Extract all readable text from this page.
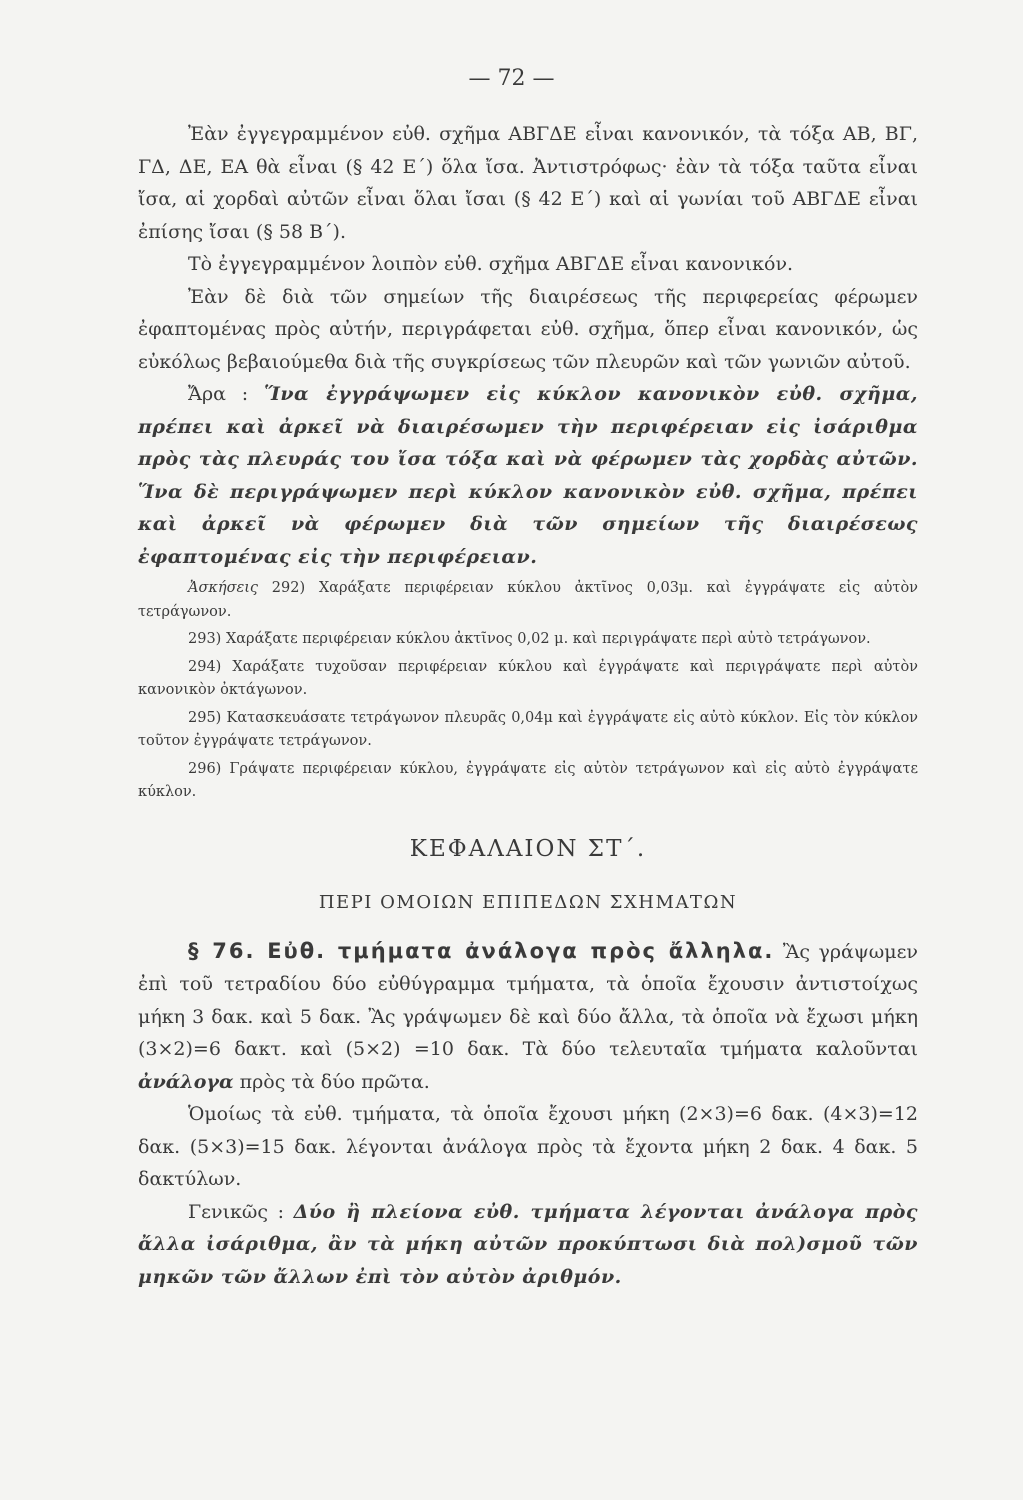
— 72 —

Ἐὰν ἐγγεγραμμένον εὐθ. σχῆμα ΑΒΓΔΕ εἶναι κανονικόν, τὰ τόξα ΑΒ, ΒΓ, ΓΔ, ΔΕ, ΕΑ θὰ εἶναι (§ 42 Ε΄) ὅλα ἴσα. Ἀντιστρόφως· ἐὰν τὰ τόξα ταῦτα εἶναι ἴσα, αἱ χορδαὶ αὐτῶν εἶναι ὅλαι ἴσαι (§ 42 Ε΄) καὶ αἱ γωνίαι τοῦ ΑΒΓΔΕ εἶναι ἐπίσης ἴσαι (§ 58 Β΄).

Τὸ ἐγγεγραμμένον λοιπὸν εὐθ. σχῆμα ΑΒΓΔΕ εἶναι κανονικόν.

Ἐὰν δὲ διὰ τῶν σημείων τῆς διαιρέσεως τῆς περιφερείας φέρωμεν ἐφαπτομένας πρὸς αὐτήν, περιγράφεται εὐθ. σχῆμα, ὅπερ εἶναι κανονικόν, ὡς εὐκόλως βεβαιούμεθα διὰ τῆς συγκρίσεως τῶν πλευρῶν καὶ τῶν γωνιῶν αὐτοῦ.

Ἄρα : Ἵνα ἐγγράψωμεν εἰς κύκλον κανονικὸν εὐθ. σχῆμα, πρέπει καὶ ἀρκεῖ νὰ διαιρέσωμεν τὴν περιφέρειαν εἰς ἰσάριθμα πρὸς τὰς πλευράς του ἴσα τόξα καὶ νὰ φέρωμεν τὰς χορδὰς αὐτῶν. Ἵνα δὲ περιγράψωμεν περὶ κύκλον κανονικὸν εὐθ. σχῆμα, πρέπει καὶ ἀρκεῖ νὰ φέρωμεν διὰ τῶν σημείων τῆς διαιρέσεως ἐφαπτομένας εἰς τὴν περιφέρειαν.

Ἀσκήσεις 292) Χαράξατε περιφέρειαν κύκλου ἀκτῖνος 0,03μ. καὶ ἐγγράψατε εἰς αὐτὸν τετράγωνον.

293) Χαράξατε περιφέρειαν κύκλου ἀκτῖνος 0,02 μ. καὶ περιγράψατε περὶ αὐτὸ τετράγωνον.

294) Χαράξατε τυχοῦσαν περιφέρειαν κύκλου καὶ ἐγγράψατε καὶ περιγράψατε περὶ αὐτὸν κανονικὸν ὀκτάγωνον.

295) Κατασκευάσατε τετράγωνον πλευρᾶς 0,04μ καὶ ἐγγράψατε εἰς αὐτὸ κύκλον. Εἰς τὸν κύκλον τοῦτον ἐγγράψατε τετράγωνον.

296) Γράψατε περιφέρειαν κύκλου, ἐγγράψατε εἰς αὐτὸν τετράγωνον καὶ εἰς αὐτὸ ἐγγράψατε κύκλον.

ΚΕΦΑΛΑΙΟΝ ΣΤ΄.
ΠΕΡΙ ΟΜΟΙΩΝ ΕΠΙΠΕΔΩΝ ΣΧΗΜΑΤΩΝ

§ 76. Εὐθ. τμήματα ἀνάλογα πρὸς ἄλληλα. Ἂς γράψωμεν ἐπὶ τοῦ τετραδίου δύο εὐθύγραμμα τμήματα, τὰ ὁποῖα ἔχουσιν ἀντιστοίχως μήκη 3 δακ. καὶ 5 δακ. Ἂς γράψωμεν δὲ καὶ δύο ἄλλα, τὰ ὁποῖα νὰ ἔχωσι μήκη (3×2)=6 δακτ. καὶ (5×2) =10 δακ. Τὰ δύο τελευταῖα τμήματα καλοῦνται ἀνάλογα πρὸς τὰ δύο πρῶτα.

Ὁμοίως τὰ εὐθ. τμήματα, τὰ ὁποῖα ἔχουσι μήκη (2×3)=6 δακ. (4×3)=12 δακ. (5×3)=15 δακ. λέγονται ἀνάλογα πρὸς τὰ ἔχοντα μήκη 2 δακ. 4 δακ. 5 δακτύλων.

Γενικῶς : Δύο ἢ πλείονα εὐθ. τμήματα λέγονται ἀνάλογα πρὸς ἄλλα ἰσάριθμα, ἂν τὰ μήκη αὐτῶν προκύπτωσι διὰ πολ)σμοῦ τῶν μηκῶν τῶν ἄλλων ἐπὶ τὸν αὐτὸν ἀριθμόν.
